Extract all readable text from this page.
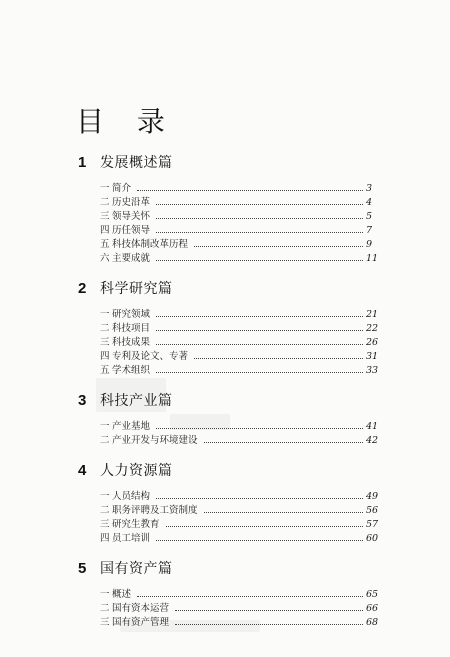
目 录
1 发展概述篇
一 简介	3
二 历史沿革	4
三 领导关怀	5
四 历任领导	7
五 科技体制改革历程	9
六 主要成就	11
2 科学研究篇
一 研究领域	21
二 科技项目	22
三 科技成果	26
四 专利及论文、专著	31
五 学术组织	33
3 科技产业篇
一 产业基地	41
二 产业开发与环境建设	42
4 人力资源篇
一 人员结构	49
二 职务评聘及工资制度	56
三 研究生教育	57
四 员工培训	60
5 国有资产篇
一 概述	65
二 国有资本运营	66
三 国有资产管理	68
